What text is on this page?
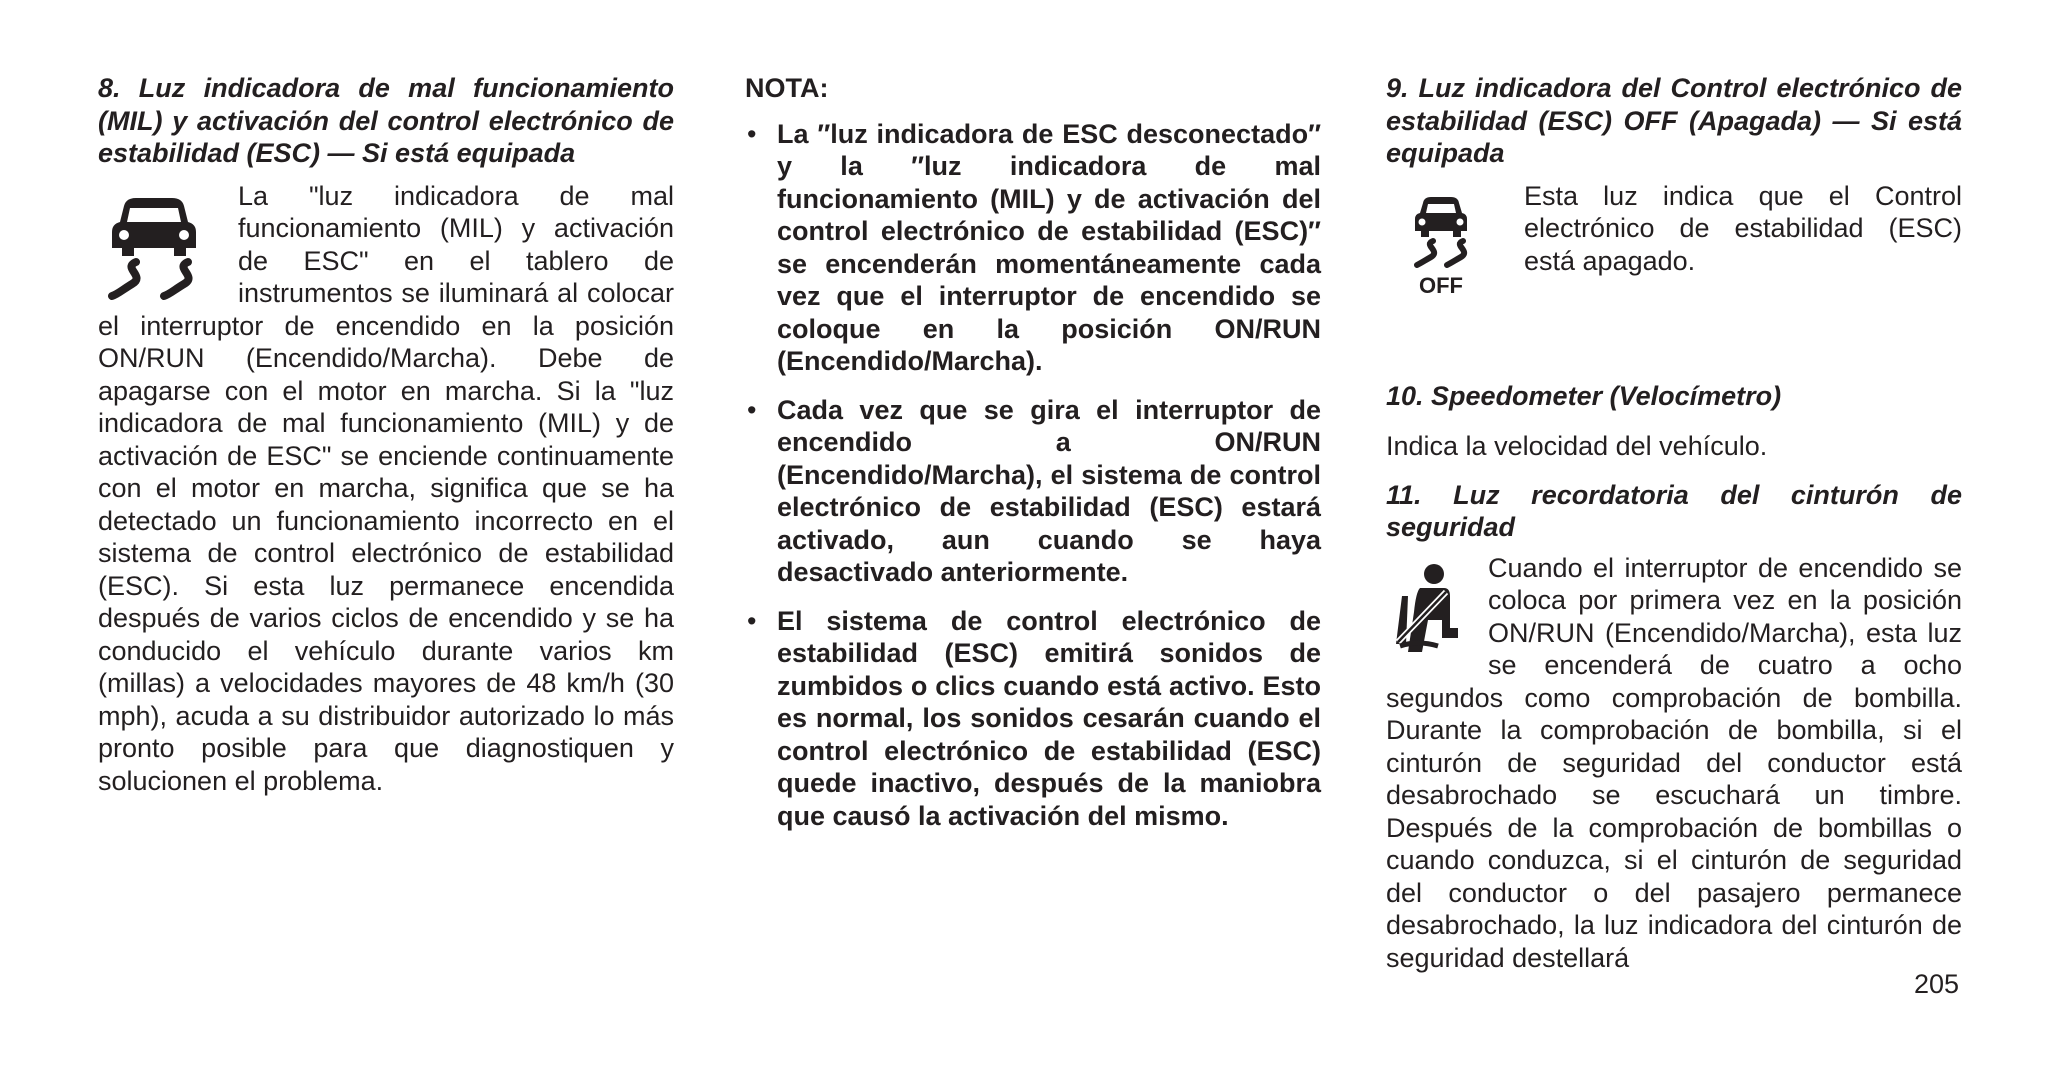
8. Luz indicadora de mal funcionamiento (MIL) y activación del control electrónico de estabilidad (ESC) — Si está equipada

La "luz indicadora de mal funcionamiento (MIL) y activación de ESC" en el tablero de instrumentos se iluminará al colocar el interruptor de encendido en la posición ON/RUN (Encendido/Marcha). Debe de apagarse con el motor en marcha. Si la "luz indicadora de mal funcionamiento (MIL) y de activación de ESC" se enciende continuamente con el motor en marcha, significa que se ha detectado un funcionamiento incorrecto en el sistema de control electrónico de estabilidad (ESC). Si esta luz permanece encendida después de varios ciclos de encendido y se ha conducido el vehículo durante varios km (millas) a velocidades mayores de 48 km/h (30 mph), acuda a su distribuidor autorizado lo más pronto posible para que diagnostiquen y solucionen el problema.

NOTA:

• La ″luz indicadora de ESC desconectado″ y la ″luz indicadora de mal funcionamiento (MIL) y de activación del control electrónico de estabilidad (ESC)″ se encenderán momentáneamente cada vez que el interruptor de encendido se coloque en la posición ON/RUN (Encendido/Marcha).
• Cada vez que se gira el interruptor de encendido a ON/RUN (Encendido/Marcha), el sistema de control electrónico de estabilidad (ESC) estará activado, aun cuando se haya desactivado anteriormente.
• El sistema de control electrónico de estabilidad (ESC) emitirá sonidos de zumbidos o clics cuando está activo. Esto es normal, los sonidos cesarán cuando el control electrónico de estabilidad (ESC) quede inactivo, después de la maniobra que causó la activación del mismo.

9. Luz indicadora del Control electrónico de estabilidad (ESC) OFF (Apagada) — Si está equipada

OFF

Esta luz indica que el Control electrónico de estabilidad (ESC) está apagado.

10. Speedometer (Velocímetro)

Indica la velocidad del vehículo.

11. Luz recordatoria del cinturón de seguridad

Cuando el interruptor de encendido se coloca por primera vez en la posición ON/RUN (Encendido/Marcha), esta luz se encenderá de cuatro a ocho segundos como comprobación de bombilla. Durante la comprobación de bombilla, si el cinturón de seguridad del conductor está desabrochado se escuchará un timbre. Después de la comprobación de bombillas o cuando conduzca, si el cinturón de seguridad del conductor o del pasajero permanece desabrochado, la luz indicadora del cinturón de seguridad destellará

205
